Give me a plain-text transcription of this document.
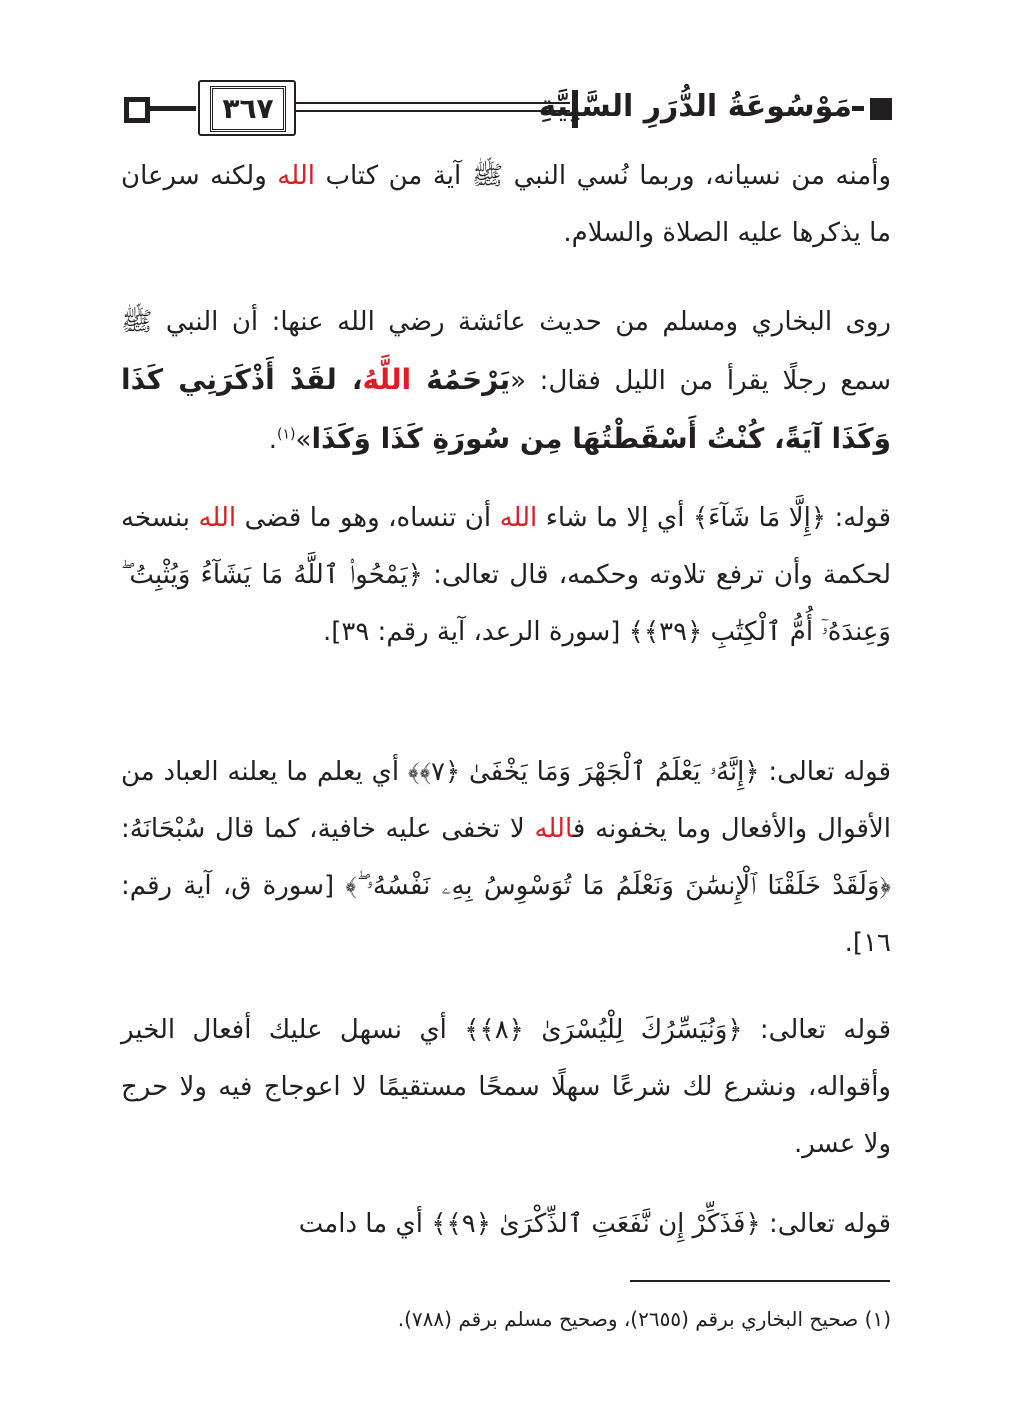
٣٦٧	مَوْسُوعَةُ الدُّرَرِ السَّنِيَّةِ

وأمنه من نسيانه، وربما نُسي النبي ﷺ آية من كتاب الله ولكنه سرعان ما يذكرها عليه الصلاة والسلام.

روى البخاري ومسلم من حديث عائشة رضي الله عنها: أن النبي ﷺ سمع رجلًا يقرأ من الليل فقال: «يَرْحَمُهُ اللَّهُ، لقَدْ أَذْكَرَنِي كَذَا وَكَذَا آيَةً، كُنْتُ أَسْقَطْتُهَا مِن سُورَةِ كَذَا وَكَذَا»$^{(١)}$.

قوله: ﴿إِلَّا مَا شَآءَ﴾ أي إلا ما شاء الله أن تنساه، وهو ما قضى الله بنسخه لحكمة وأن ترفع تلاوته وحكمه، قال تعالى: ﴿يَمْحُوا۟ ٱللَّهُ مَا يَشَآءُ وَيُثْبِتُ ۖ وَعِندَهُۥٓ أُمُّ ٱلْكِتَٰبِ ﴿٣٩﴾﴾ [سورة الرعد، آية رقم: ٣٩].

قوله تعالى: ﴿إِنَّهُۥ يَعْلَمُ ٱلْجَهْرَ وَمَا يَخْفَىٰ ﴿٧﴾﴾ أي يعلم ما يعلنه العباد من الأقوال والأفعال وما يخفونه فالله لا تخفى عليه خافية، كما قال سُبْحَانَهُ: ﴿وَلَقَدْ خَلَقْنَا ٱلْإِنسَٰنَ وَنَعْلَمُ مَا تُوَسْوِسُ بِهِۦ نَفْسُهُۥ ۖ﴾ [سورة ق، آية رقم: ١٦].

قوله تعالى: ﴿وَنُيَسِّرُكَ لِلْيُسْرَىٰ ﴿٨﴾﴾ أي نسهل عليك أفعال الخير وأقواله، ونشرع لك شرعًا سهلًا سمحًا مستقيمًا لا اعوجاج فيه ولا حرج ولا عسر.

قوله تعالى: ﴿فَذَكِّرْ إِن نَّفَعَتِ ٱلذِّكْرَىٰ ﴿٩﴾﴾ أي ما دامت

(١) صحيح البخاري برقم (٢٦٥٥)، وصحيح مسلم برقم (٧٨٨).
